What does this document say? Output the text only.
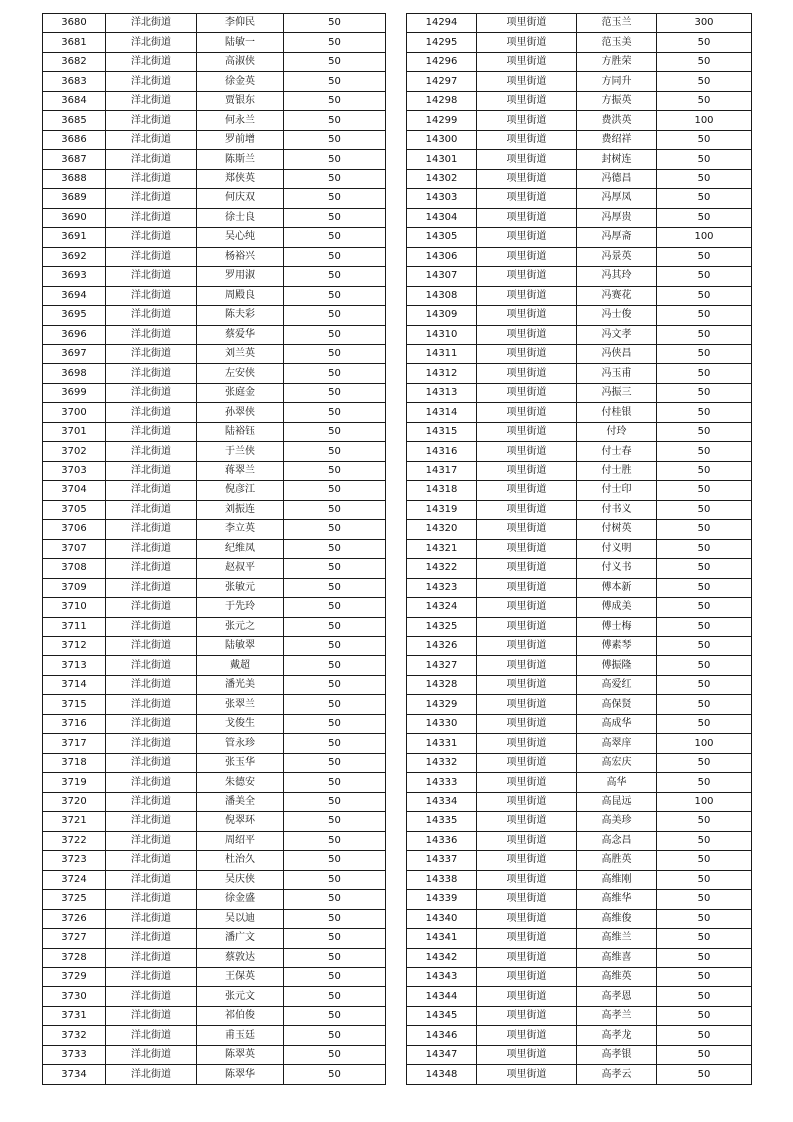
3680	洋北街道	李仰民	50
3681	洋北街道	陆敏一	50
3682	洋北街道	高淑侠	50
3683	洋北街道	徐金英	50
3684	洋北街道	贾银东	50
3685	洋北街道	何永兰	50
3686	洋北街道	罗前增	50
3687	洋北街道	陈斯兰	50
3688	洋北街道	郑侠英	50
3689	洋北街道	何庆双	50
3690	洋北街道	徐士良	50
3691	洋北街道	吴心纯	50
3692	洋北街道	杨裕兴	50
3693	洋北街道	罗用淑	50
3694	洋北街道	周殿良	50
3695	洋北街道	陈夫彩	50
3696	洋北街道	蔡爱华	50
3697	洋北街道	刘兰英	50
3698	洋北街道	左安侠	50
3699	洋北街道	张庭金	50
3700	洋北街道	孙翠侠	50
3701	洋北街道	陆裕钰	50
3702	洋北街道	于兰侠	50
3703	洋北街道	蒋翠兰	50
3704	洋北街道	倪彦江	50
3705	洋北街道	刘振连	50
3706	洋北街道	李立英	50
3707	洋北街道	纪维凤	50
3708	洋北街道	赵叔平	50
3709	洋北街道	张敏元	50
3710	洋北街道	于先玲	50
3711	洋北街道	张元之	50
3712	洋北街道	陆敏翠	50
3713	洋北街道	戴超	50
3714	洋北街道	潘光美	50
3715	洋北街道	张翠兰	50
3716	洋北街道	戈俊生	50
3717	洋北街道	管永珍	50
3718	洋北街道	张玉华	50
3719	洋北街道	朱德安	50
3720	洋北街道	潘美全	50
3721	洋北街道	倪翠环	50
3722	洋北街道	周绍平	50
3723	洋北街道	杜治久	50
3724	洋北街道	吴庆侠	50
3725	洋北街道	徐金盛	50
3726	洋北街道	吴以迪	50
3727	洋北街道	潘广文	50
3728	洋北街道	蔡敦达	50
3729	洋北街道	王保英	50
3730	洋北街道	张元文	50
3731	洋北街道	祁伯俊	50
3732	洋北街道	甫玉廷	50
3733	洋北街道	陈翠英	50
3734	洋北街道	陈翠华	50
14294	项里街道	范玉兰	300
14295	项里街道	范玉美	50
14296	项里街道	方胜荣	50
14297	项里街道	方同升	50
14298	项里街道	方振英	50
14299	项里街道	费洪英	100
14300	项里街道	费绍祥	50
14301	项里街道	封树连	50
14302	项里街道	冯德昌	50
14303	项里街道	冯厚凤	50
14304	项里街道	冯厚贵	50
14305	项里街道	冯厚斋	100
14306	项里街道	冯景英	50
14307	项里街道	冯其玲	50
14308	项里街道	冯赛花	50
14309	项里街道	冯士俊	50
14310	项里街道	冯文孝	50
14311	项里街道	冯侠昌	50
14312	项里街道	冯玉甫	50
14313	项里街道	冯振三	50
14314	项里街道	付桂银	50
14315	项里街道	付玲	50
14316	项里街道	付士春	50
14317	项里街道	付士胜	50
14318	项里街道	付士印	50
14319	项里街道	付书义	50
14320	项里街道	付树英	50
14321	项里街道	付义明	50
14322	项里街道	付义书	50
14323	项里街道	傅本新	50
14324	项里街道	傅成美	50
14325	项里街道	傅士梅	50
14326	项里街道	傅素琴	50
14327	项里街道	傅振隆	50
14328	项里街道	高爱红	50
14329	项里街道	高保贤	50
14330	项里街道	高成华	50
14331	项里街道	高翠庠	100
14332	项里街道	高宏庆	50
14333	项里街道	高华	50
14334	项里街道	高昆远	100
14335	项里街道	高美珍	50
14336	项里街道	高念昌	50
14337	项里街道	高胜英	50
14338	项里街道	高维刚	50
14339	项里街道	高维华	50
14340	项里街道	高维俊	50
14341	项里街道	高维兰	50
14342	项里街道	高维喜	50
14343	项里街道	高维英	50
14344	项里街道	高孝恩	50
14345	项里街道	高孝兰	50
14346	项里街道	高孝龙	50
14347	项里街道	高孝银	50
14348	项里街道	高孝云	50
